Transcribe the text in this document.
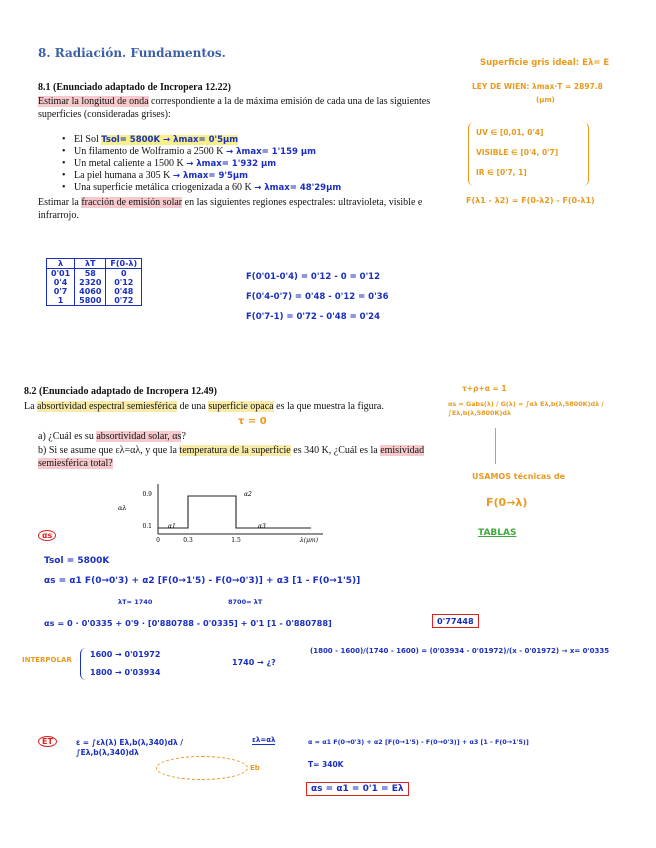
8. Radiación. Fundamentos.
8.1 (Enunciado adaptado de Incropera 12.22)
Estimar la longitud de onda correspondiente a la de máxima emisión de cada una de las siguientes superficies (consideradas grises):
• El Sol Tsol= 5800K → λmax= 0'5μm
• Un filamento de Wolframio a 2500 K → λmax= 1'159 μm
• Un metal caliente a 1500 K → λmax= 1'932 μm
• La piel humana a 305 K → λmax= 9'5μm
• Una superficie metálica criogenizada a 60 K → λmax= 48'29μm
Estimar la fracción de emisión solar en las siguientes regiones espectrales: ultravioleta, visible e infrarrojo.
λ	λT	F(0-λ)
0'01	58	0
0'4	2320	0'12
0'7	4060	0'48
1	5800	0'72
F(0'01-0'4) = 0'12 - 0 = 0'12
F(0'4-0'7) = 0'48 - 0'12 = 0'36
F(0'7-1) = 0'72 - 0'48 = 0'24
Superficie gris ideal: Eλ= E
LEY DE WIEN: λmax·T = 2897.8
(μm)
UV ∈ [0,01, 0'4]
VISIBLE ∈ [0'4, 0'7]
IR ∈ [0'7, 1]
F(λ1 - λ2) = F(0-λ2) - F(0-λ1)
8.2 (Enunciado adaptado de Incropera 12.49)
La absortividad espectral semiesférica de una superficie opaca es la que muestra la figura.
τ = 0
a) ¿Cuál es su absortividad solar, αs?
b) Si se asume que ελ=αλ, y que la temperatura de la superficie es 340 K, ¿Cuál es la emisividad semiesférica total?
0.9
0.1
0	0.3	1.5
αλ
λ(μm)
α2
α1	α3
τ+ρ+α = 1
αs = Gabs(λ) / G(λ) = ∫αλ Eλ,b(λ,5800K)dλ / ∫Eλ,b(λ,5800K)dλ
USAMOS técnicas de
F(0→λ)
TABLAS
αs
Tsol = 5800K
αs = α1 F(0→0'3) + α2 [F(0→1'5) - F(0→0'3)] + α3 [1 - F(0→1'5)]
λT= 1740	8700= λT
αs = 0 · 0'0335 + 0'9 · [0'880788 - 0'0335] + 0'1 [1 - 0'880788]	0'77448
INTERPOLAR
1600 → 0'01972
1800 → 0'03934
1740 → ¿?
(1800 - 1600)/(1740 - 1600) = (0'03934 - 0'01972)/(x - 0'01972) → x= 0'0335
ET	ε = ∫ελ(λ) Eλ,b(λ,340)dλ / ∫Eλ,b(λ,340)dλ
Eb
ελ=αλ	α = α1 F(0→0'3) + α2 [F(0→1'5) - F(0→0'3)] + α3 [1 - F(0→1'5)]
T= 340K
αs = α1 = 0'1 = Eλ
